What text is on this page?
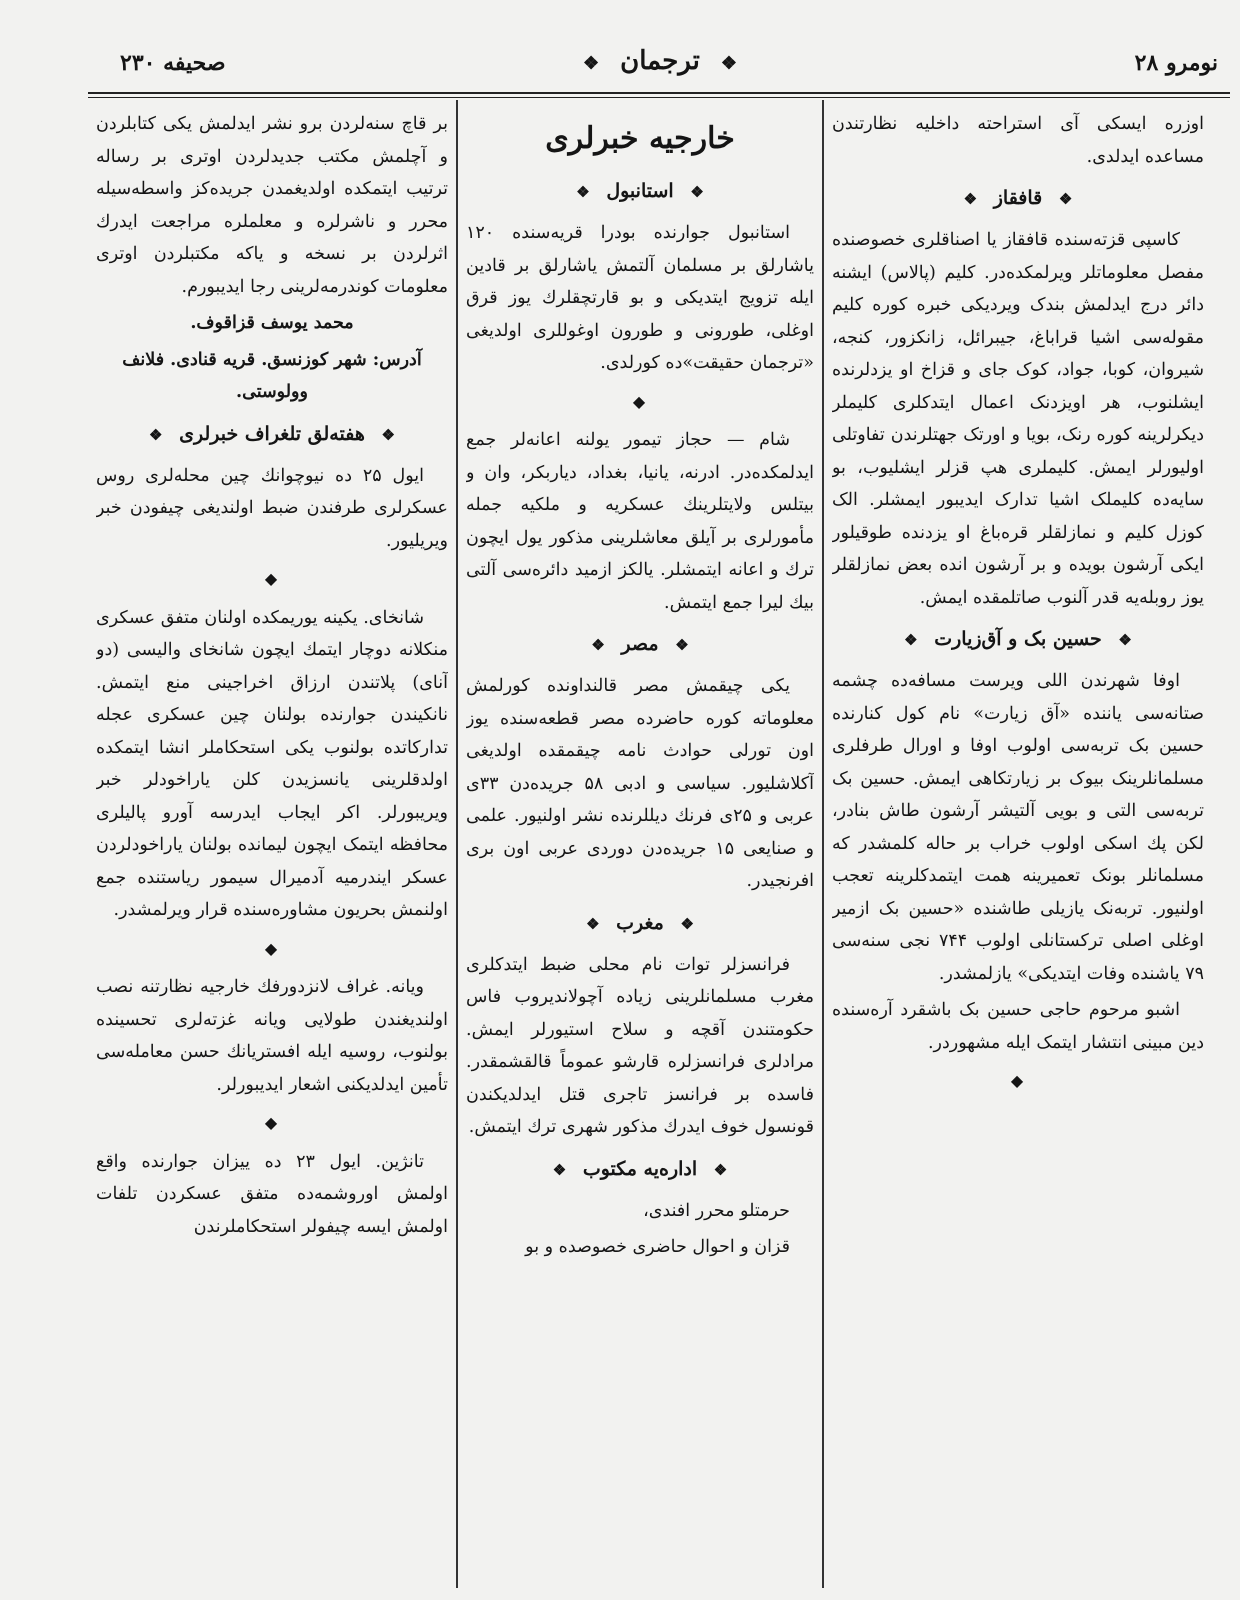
۲۳۰ صحیفه	❖ ترجمان ❖	نومرو ۲۸

اوزره ایسکی آی استراحته داخلیه نظارتندن مساعده ایدلدی.

❖ قافقاز ❖

کاسپی قزته‌سنده قافقاز یا اصناقلری خصوصنده مفصل معلوماتلر ویرلمکده‌در. کلیم (پالاس) ایشنه دائر درج ایدلمش بندک ویردیکی خبره کوره کلیم مقوله‌سی اشیا قراباغ، جیبرائل، زانکزور، کنجه، شیروان، کوبا، جواد، کوک جای و قزاخ او یزدلرنده ایشلنوب، هر اویزدنک اعمال ایتدکلری کلیملر دیکرلرینه کوره رنک، بویا و اورتک جهتلرندن تفاوتلی اولیورلر ایمش. کلیملری هپ قزلر ایشلیوب، بو سایه‌ده کلیملک اشیا تدارک ایدیبور ایمشلر. الک کوزل کلیم و نمازلقلر قره‌باغ او یزدنده طوقیلور ایکی آرشون بویده و بر آرشون انده بعض نمازلقلر یوز روبله‌یه قدر آلنوب صاتلمقده ایمش.

❖ حسین بک و آق‌زیارت ❖

اوفا شهرندن اللی ویرست مسافه‌ده چشمه صتانه‌سی یاننده «آق زیارت» نام کول کنارنده حسین بک تربه‌سی اولوب اوفا و اورال طرفلری مسلمانلرینک بیوک بر زیارتکاهی ایمش. حسین بک تربه‌سی التی و بویی آلتیشر آرشون طاش بنادر، لکن پك اسکی اولوب خراب بر حاله کلمشدر که مسلمانلر بونک تعمیرینه همت ایتمدکلرینه تعجب اولنیور. تربه‌نک یازیلی طاشنده «حسین بک ازمیر اوغلی اصلی ترکستانلی اولوب ۷۴۴ نجی سنه‌سی ۷۹ یاشنده وفات ایتدیکی» یازلمشدر.

اشبو مرحوم حاجی حسین بک باشقرد آره‌سنده دین مبینی انتشار ایتمک ایله مشهوردر.

◆
خارجیه خبرلری
❖ استانبول ❖

استانبول جوارنده بودرا قریه‌سنده ۱۲۰ یاشارلق بر مسلمان آلتمش یاشارلق بر قادین ایله تزویج ایتدیکی و بو قارتچقلرك یوز قرق اوغلی، طورونی و طورون اوغوللری اولدیغی «ترجمان حقیقت»ده کورلدی.

◆

شام — حجاز تیمور یولنه اعانه‌لر جمع ایدلمکده‌در. ادرنه، یانیا، بغداد، دیاربکر، وان و بیتلس ولایتلرینك عسکریه و ملکیه جمله مأمورلری بر آیلق معاشلرینی مذکور یول ایچون ترك و اعانه ایتمشلر. یالکز ازمید دائره‌سی آلتی بیك لیرا جمع ایتمش.

❖ مصر ❖

یکی چیقمش مصر قالنداونده کورلمش معلوماته کوره حاضرده مصر قطعه‌سنده یوز اون تورلی حوادث نامه چیقمقده اولدیغی آکلاشلیور. سیاسی و ادبی ۵۸ جریده‌دن ۳۳ی عربی و ۲۵ی فرنك دیللرنده نشر اولنیور. علمی و صنایعی ۱۵ جریده‌دن دوردی عربی اون بری افرنجیدر.

❖ مغرب ❖

فرانسزلر توات نام محلی ضبط ایتدکلری مغرب مسلمانلرینی زیاده آچولاندیروب فاس حکومتندن آقچه و سلاح استیورلر ایمش. مرادلری فرانسزلره قارشو عموماً قالقشمقدر. فاسده بر فرانسز تاجری قتل ایدلدیکندن قونسول خوف ایدرك مذکور شهری ترك ایتمش.

❖ اداره‌یه مکتوب ❖

حرمتلو محرر افندی،

قزان و احوال حاضری خصوصده و بو

بر قاچ سنه‌لردن برو نشر ایدلمش یکی کتابلردن و آچلمش مکتب جدیدلردن اوتری بر رساله ترتیب ایتمکده اولدیغمدن جریده‌کز واسطه‌سیله محرر و ناشرلره و معلملره مراجعت ایدرك اثرلردن بر نسخه و یاکه مکتبلردن اوتری معلومات کوندرمه‌لرینی رجا ایدیبورم.

محمد یوسف قزاقوف.

آدرس: شهر کوزنسق. قریه قنادی. فلانف وولوستی.

❖ هفته‌لق تلغراف خبرلری ❖

ایول ۲۵ ده نیوچوانك چین محله‌لری روس عسکرلری طرفندن ضبط اولندیغی چیفودن خبر ویریلیور.

◆

شانخای. یکینه یوریمکده اولنان متفق عسکری منکلانه دوچار ایتمك ایچون شانخای والیسی (دو آنای) پلاتندن ارزاق اخراجینی منع ایتمش. نانکیندن جوارنده بولنان چین عسکری عجله تدارکاتده بولنوب یکی استحکاملر انشا ایتمکده اولدقلرینی یانسزیدن کلن یاراخودلر خبر ویریبورلر. اکر ایجاب ایدرسه آورو پالیلری محافظه ایتمک ایچون لیمانده بولنان یاراخودلردن عسکر ایندرمیه آدمیرال سیمور ریاستنده جمع اولنمش بحریون مشاوره‌سنده قرار ویرلمشدر.

◆

ویانه. غراف لانزدورفك خارجیه نظارتنه نصب اولندیغندن طولایی ویانه غزته‌لری تحسینده بولنوب، روسیه ایله افستریانك حسن معامله‌سی تأمین ایدلدیکنی اشعار ایدیبورلر.

◆

تانژین. ایول ۲۳ ده ییزان جوارنده واقع اولمش اوروشمه‌ده متفق عسکردن تلفات اولمش ایسه چیفولر استحکاملرندن
